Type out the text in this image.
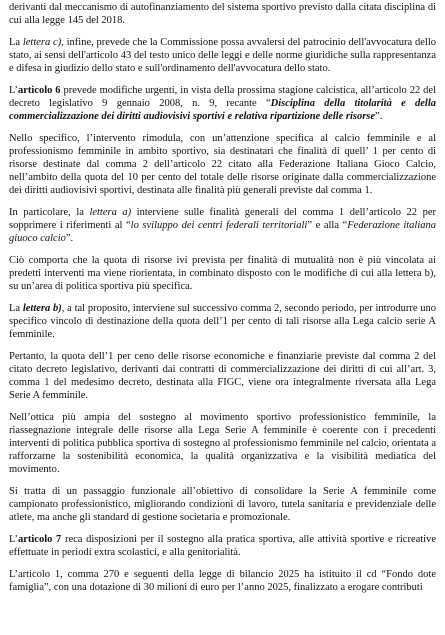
derivanti dal meccanismo di autofinanziamento del sistema sportivo previsto dalla citata disciplina di cui alla legge 145 del 2018.

La lettera c), infine, prevede che la Commissione possa avvalersi del patrocinio dell'avvocatura dello stato, ai sensi dell'articolo 43 del testo unico delle leggi e delle norme giuridiche sulla rappresentanza e difesa in giudizio dello stato e sull'ordinamento dell'avvocatura dello stato.

L’articolo 6 prevede modifiche urgenti, in vista della prossima stagione calcistica, all’articolo 22 del decreto legislativo 9 gennaio 2008, n. 9, recante “Disciplina della titolarità e della commercializzazione dei diritti audiovisivi sportivi e relativa ripartizione delle risorse”.

Nello specifico, l’intervento rimodula, con un’attenzione specifica al calcio femminile e al professionismo femminile in ambito sportivo, sia destinatari che finalità di quell’ 1 per cento di risorse destinate dal comma 2 dell’articolo 22 citato alla Federazione Italiana Gioco Calcio, nell’ambito della quota del 10 per cento del totale delle risorse originate dalla commercializzazione dei diritti audiovisivi sportivi, destinata alle finalità più generali previste dal comma 1.

In particolare, la lettera a) interviene sulle finalità generali del comma 1 dell’articolo 22 per sopprimere i riferimenti al “lo sviluppo dei centri federali territoriali” e alla “Federazione italiana giuoco calcio”.

Ciò comporta che la quota di risorse ivi prevista per finalità di mutualità non è più vincolata ai predetti interventi ma viene riorientata, in combinato disposto con le modifiche di cui alla lettera b), su un’area di politica sportiva più specifica.

La lettera b), a tal proposito, interviene sul successivo comma 2, secondo periodo, per introdurre uno specifico vincolo di destinazione della quota dell’1 per cento di tali risorse alla Lega calcio serie A femminile.

Pertanto, la quota dell’1 per ceno delle risorse economiche e finanziarie previste dal comma 2 del citato decreto legislativo, derivanti dai contratti di commercializzazione dei diritti di cui all’art. 3, comma 1 del medesimo decreto, destinata alla FIGC, viene ora integralmente riversata alla Lega Serie A femminile.

Nell’ottica più ampia del sostegno al movimento sportivo professionistico femminile, la riassegnazione integrale delle risorse alla Lega Serie A femminile è coerente con i precedenti interventi di politica pubblica sportiva di sostegno al professionismo femminile nel calcio, orientata a rafforzarne la sostenibilità economica, la qualità organizzativa e la visibilità mediatica del movimento.

Si tratta di un passaggio funzionale all’obiettivo di consolidare la Serie A femminile come campionato professionistico, migliorando condizioni di lavoro, tutela sanitaria e previdenziale delle atlete, ma anche gli standard di gestione societaria e promozionale.

L’articolo 7 reca disposizioni per il sostegno alla pratica sportiva, alle attività sportive e ricreative effettuate in periodi extra scolastici, e alla genitorialità.

L’articolo 1, comma 270 e seguenti della legge di bilancio 2025 ha istituito il cd “Fondo dote famiglia”, con una dotazione di 30 milioni di euro per l’anno 2025, finalizzato a erogare contributi
